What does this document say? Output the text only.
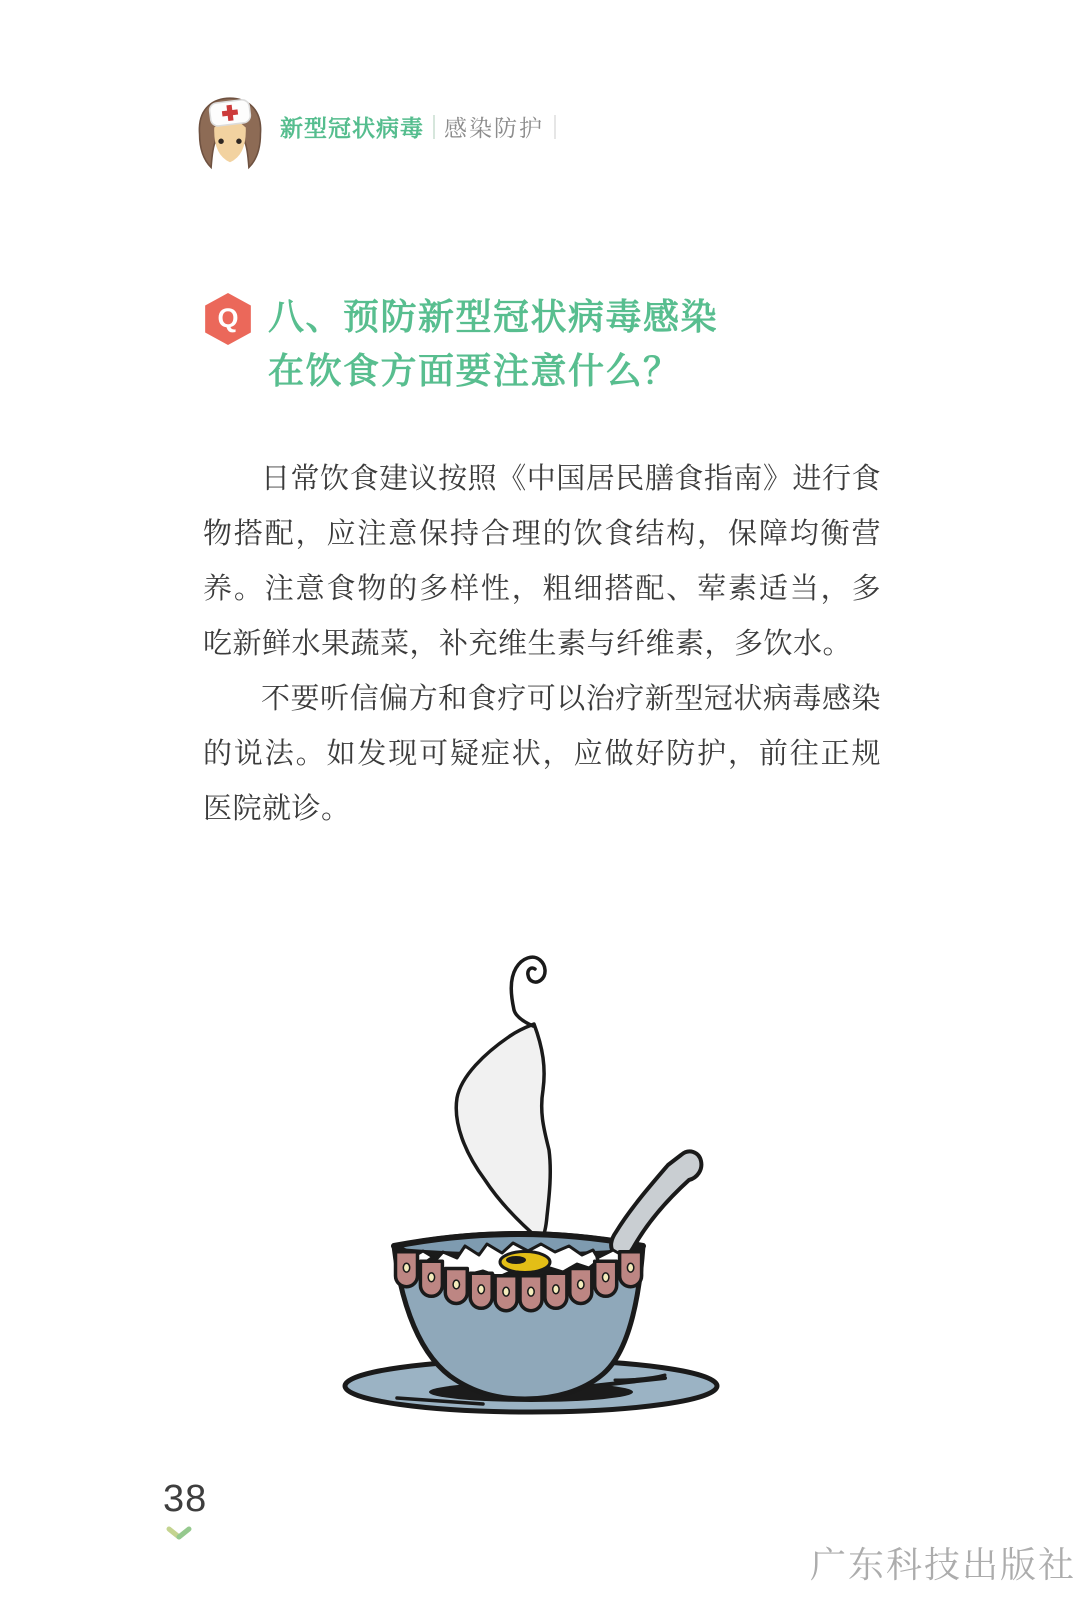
新型冠状病毒 感染防护
Q 八、预防新型冠状病毒感染
在饮食方面要注意什么？

日常饮食建议按照《中国居民膳食指南》进行食物搭配，应注意保持合理的饮食结构，保障均衡营养。注意食物的多样性，粗细搭配、荤素适当，多吃新鲜水果蔬菜，补充维生素与纤维素，多饮水。

不要听信偏方和食疗可以治疗新型冠状病毒感染的说法。如发现可疑症状，应做好防护，前往正规医院就诊。

38
广东科技出版社
